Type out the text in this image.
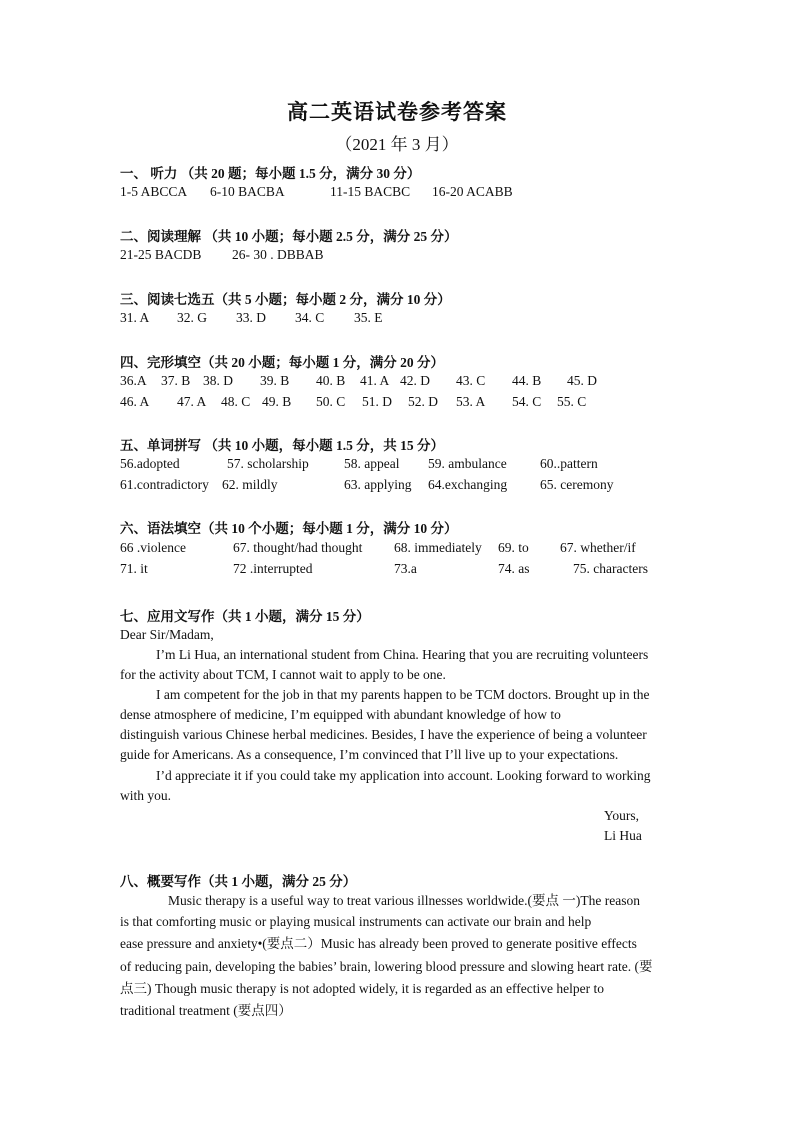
高二英语试卷参考答案
（2021 年 3 月）
一、 听力 （共 20 题；每小题 1.5 分，满分 30 分）
1-5 ABCCA 6-10 BACBA	11-15 BACBC 16-20 ACABB
二、阅读理解 （共 10 小题；每小题 2.5 分，满分 25 分）
21-25 BACDB 26- 30 . DBBAB
三、阅读七选五（共 5 小题；每小题 2 分，满分 10 分）
31. A 32. G 33. D 34. C 35. E
四、完形填空（共 20 小题；每小题 1 分，满分 20 分）
36.A 37. B 38. D 39. B 40. B 41. A 42. D 43. C 44. B 45. D
46. A 47. A 48. C 49. B 50. C 51. D 52. D 53. A 54. C 55. C
五、单词拼写 （共 10 小题，每小题 1.5 分，共 15 分）
56.adopted	57. scholarship	58. appeal 59. ambulance 60..pattern
61.contradictory 62. mildly	63. applying 64.exchanging 65. ceremony
六、语法填空（共 10 个小题；每小题 1 分，满分 10 分）
66 .violence	67. thought/had thought 68. immediately 69. to 67. whether/if
71. it	72 .interrupted	73.a	74. as	75. characters
七、应用文写作（共 1 小题，满分 15 分）
Dear Sir/Madam,
I’m Li Hua, an international student from China. Hearing that you are recruiting volunteers
for the activity about TCM, I cannot wait to apply to be one.
I am competent for the job in that my parents happen to be TCM doctors. Brought up in the
dense atmosphere of medicine, I’m equipped with abundant knowledge of how to
distinguish various Chinese herbal medicines. Besides, I have the experience of being a volunteer
guide for Americans. As a consequence, I’m convinced that I’ll live up to your expectations.
I’d appreciate it if you could take my application into account. Looking forward to working
with you.
Yours,
Li Hua
八、概要写作（共 1 小题，满分 25 分）
Music therapy is a useful way to treat various illnesses worldwide.(要点 一)The reason
is that comforting music or playing musical instruments can activate our brain and help
ease pressure and anxiety•(要点二）Music has already been proved to generate positive effects
of reducing pain, developing the babies’ brain, lowering blood pressure and slowing heart rate. (要
点三) Though music therapy is not adopted widely, it is regarded as an effective helper to
traditional treatment (要点四）
